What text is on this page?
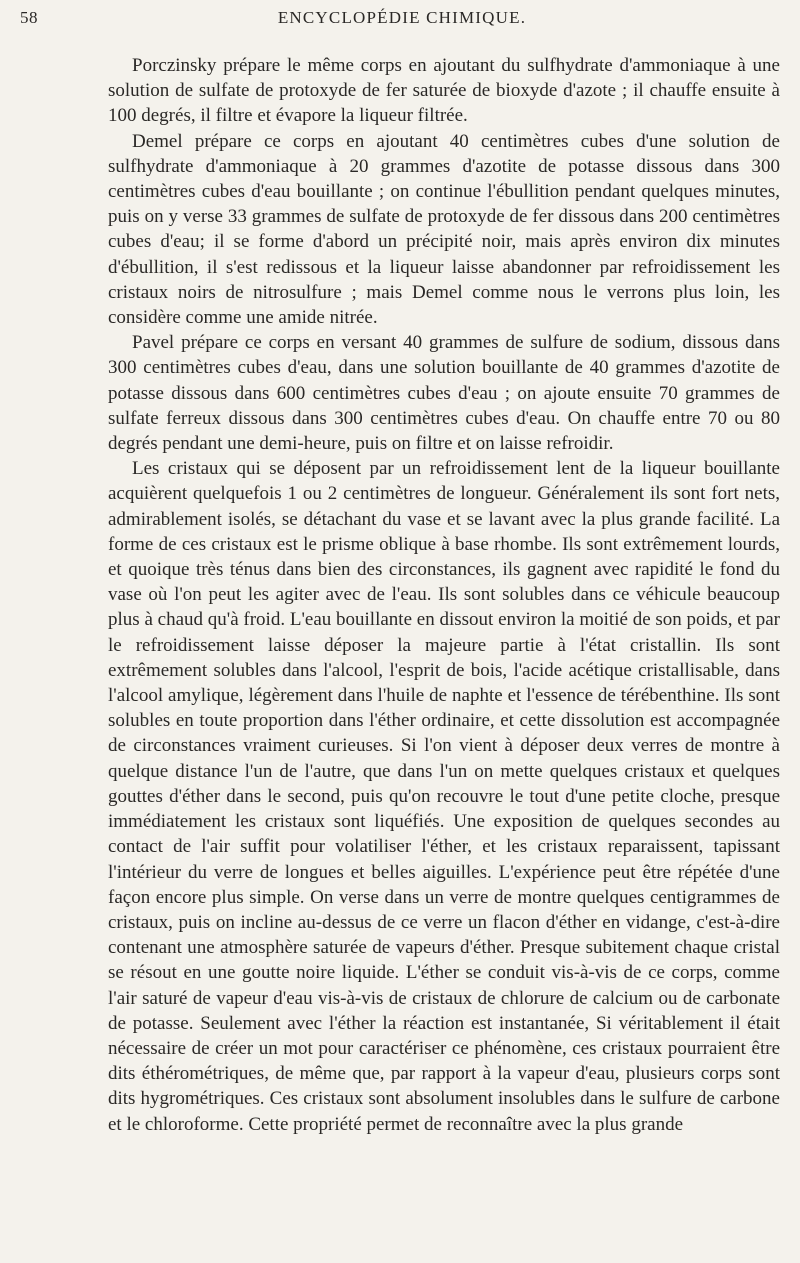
58	ENCYCLOPÉDIE CHIMIQUE.

Porczinsky prépare le même corps en ajoutant du sulfhydrate d'ammoniaque à une solution de sulfate de protoxyde de fer saturée de bioxyde d'azote ; il chauffe ensuite à 100 degrés, il filtre et évapore la liqueur filtrée.

Demel prépare ce corps en ajoutant 40 centimètres cubes d'une solution de sulfhydrate d'ammoniaque à 20 grammes d'azotite de potasse dissous dans 300 centimètres cubes d'eau bouillante ; on continue l'ébullition pendant quelques minutes, puis on y verse 33 grammes de sulfate de protoxyde de fer dissous dans 200 centimètres cubes d'eau; il se forme d'abord un précipité noir, mais après environ dix minutes d'ébullition, il s'est redissous et la liqueur laisse abandonner par refroidissement les cristaux noirs de nitrosulfure ; mais Demel comme nous le verrons plus loin, les considère comme une amide nitrée.

Pavel prépare ce corps en versant 40 grammes de sulfure de sodium, dissous dans 300 centimètres cubes d'eau, dans une solution bouillante de 40 grammes d'azotite de potasse dissous dans 600 centimètres cubes d'eau ; on ajoute ensuite 70 grammes de sulfate ferreux dissous dans 300 centimètres cubes d'eau. On chauffe entre 70 ou 80 degrés pendant une demi-heure, puis on filtre et on laisse refroidir.

Les cristaux qui se déposent par un refroidissement lent de la liqueur bouillante acquièrent quelquefois 1 ou 2 centimètres de longueur. Généralement ils sont fort nets, admirablement isolés, se détachant du vase et se lavant avec la plus grande facilité. La forme de ces cristaux est le prisme oblique à base rhombe. Ils sont extrêmement lourds, et quoique très ténus dans bien des circonstances, ils gagnent avec rapidité le fond du vase où l'on peut les agiter avec de l'eau. Ils sont solubles dans ce véhicule beaucoup plus à chaud qu'à froid. L'eau bouillante en dissout environ la moitié de son poids, et par le refroidissement laisse déposer la majeure partie à l'état cristallin. Ils sont extrêmement solubles dans l'alcool, l'esprit de bois, l'acide acétique cristallisable, dans l'alcool amylique, légèrement dans l'huile de naphte et l'essence de térébenthine. Ils sont solubles en toute proportion dans l'éther ordinaire, et cette dissolution est accompagnée de circonstances vraiment curieuses. Si l'on vient à déposer deux verres de montre à quelque distance l'un de l'autre, que dans l'un on mette quelques cristaux et quelques gouttes d'éther dans le second, puis qu'on recouvre le tout d'une petite cloche, presque immédiatement les cristaux sont liquéfiés. Une exposition de quelques secondes au contact de l'air suffit pour volatiliser l'éther, et les cristaux reparaissent, tapissant l'intérieur du verre de longues et belles aiguilles. L'expérience peut être répétée d'une façon encore plus simple. On verse dans un verre de montre quelques centigrammes de cristaux, puis on incline au-dessus de ce verre un flacon d'éther en vidange, c'est-à-dire contenant une atmosphère saturée de vapeurs d'éther. Presque subitement chaque cristal se résout en une goutte noire liquide. L'éther se conduit vis-à-vis de ce corps, comme l'air saturé de vapeur d'eau vis-à-vis de cristaux de chlorure de calcium ou de carbonate de potasse. Seulement avec l'éther la réaction est instantanée, Si véritablement il était nécessaire de créer un mot pour caractériser ce phénomène, ces cristaux pourraient être dits éthérométriques, de même que, par rapport à la vapeur d'eau, plusieurs corps sont dits hygrométriques. Ces cristaux sont absolument insolubles dans le sulfure de carbone et le chloroforme. Cette propriété permet de reconnaître avec la plus grande
